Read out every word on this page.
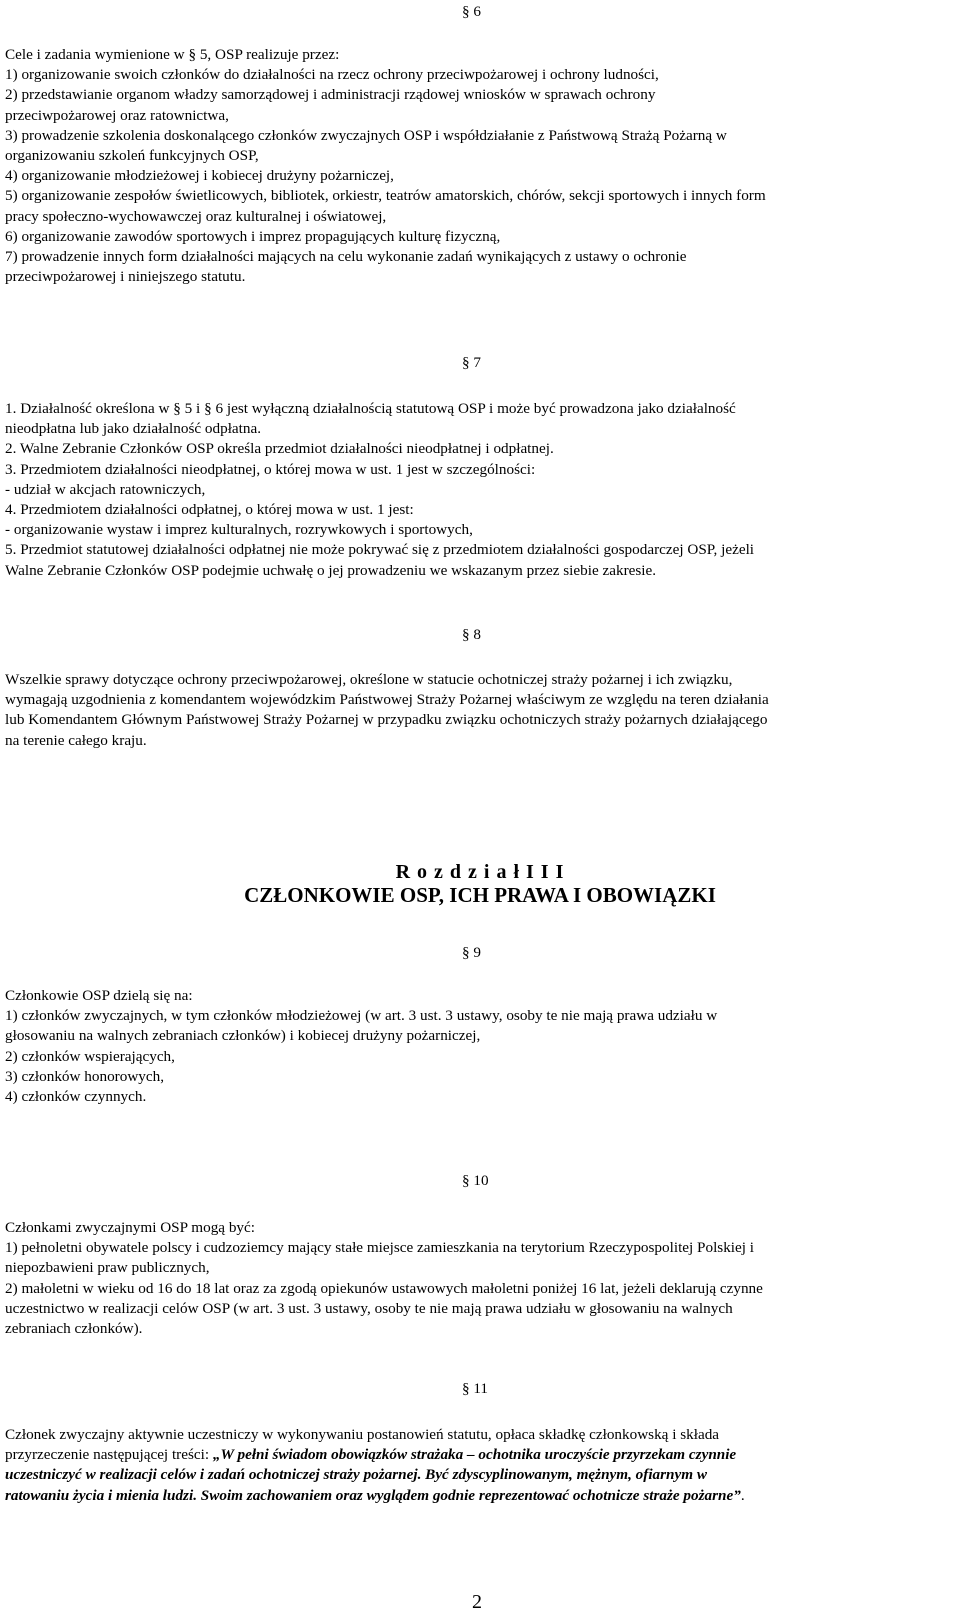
§ 6
Cele i zadania wymienione w § 5, OSP realizuje przez:
1) organizowanie swoich członków do działalności na rzecz ochrony przeciwpożarowej i ochrony ludności,
2) przedstawianie organom władzy samorządowej i administracji rządowej wniosków w sprawach ochrony
przeciwpożarowej oraz ratownictwa,
3) prowadzenie szkolenia doskonalącego członków zwyczajnych OSP i współdziałanie z Państwową Strażą Pożarną w
organizowaniu szkoleń funkcyjnych OSP,
4) organizowanie młodzieżowej i kobiecej drużyny pożarniczej,
5) organizowanie zespołów świetlicowych, bibliotek, orkiestr, teatrów amatorskich, chórów, sekcji sportowych i innych form
pracy społeczno-wychowawczej oraz kulturalnej i oświatowej,
6) organizowanie zawodów sportowych i imprez propagujących kulturę fizyczną,
7) prowadzenie innych form działalności mających na celu wykonanie zadań wynikających z ustawy o ochronie
przeciwpożarowej i niniejszego statutu.
§ 7
1. Działalność określona w § 5 i § 6 jest wyłączną działalnością statutową OSP i może być prowadzona jako działalność
nieodpłatna lub jako działalność odpłatna.
2. Walne Zebranie Członków OSP określa przedmiot działalności nieodpłatnej i odpłatnej.
3. Przedmiotem działalności nieodpłatnej, o której mowa w ust. 1 jest w szczególności:
- udział w akcjach ratowniczych,
4. Przedmiotem działalności odpłatnej, o której mowa w ust. 1 jest:
- organizowanie wystaw i imprez kulturalnych, rozrywkowych i sportowych,
5. Przedmiot statutowej działalności odpłatnej nie może pokrywać się z przedmiotem działalności gospodarczej OSP, jeżeli
Walne Zebranie Członków OSP podejmie uchwałę o jej prowadzeniu we wskazanym przez siebie zakresie.
§ 8
Wszelkie sprawy dotyczące ochrony przeciwpożarowej, określone w statucie ochotniczej straży pożarnej i ich związku,
wymagają uzgodnienia z komendantem wojewódzkim Państwowej Straży Pożarnej właściwym ze względu na teren działania
lub Komendantem Głównym Państwowej Straży Pożarnej w przypadku związku ochotniczych straży pożarnych działającego
na terenie całego kraju.
R o z d z i a ł I I I
CZŁONKOWIE OSP, ICH PRAWA I OBOWIĄZKI
§ 9
Członkowie OSP dzielą się na:
1) członków zwyczajnych, w tym członków młodzieżowej (w art. 3 ust. 3 ustawy, osoby te nie mają prawa udziału w
głosowaniu na walnych zebraniach członków) i kobiecej drużyny pożarniczej,
2) członków wspierających,
3) członków honorowych,
4) członków czynnych.
§ 10
Członkami zwyczajnymi OSP mogą być:
1) pełnoletni obywatele polscy i cudzoziemcy mający stałe miejsce zamieszkania na terytorium Rzeczypospolitej Polskiej i
niepozbawieni praw publicznych,
2) małoletni w wieku od 16 do 18 lat oraz za zgodą opiekunów ustawowych małoletni poniżej 16 lat, jeżeli deklarują czynne
uczestnictwo w realizacji celów OSP (w art. 3 ust. 3 ustawy, osoby te nie mają prawa udziału w głosowaniu na walnych
zebraniach członków).
§ 11
Członek zwyczajny aktywnie uczestniczy w wykonywaniu postanowień statutu, opłaca składkę członkowską i składa
przyrzeczenie następującej treści: „W pełni świadom obowiązków strażaka – ochotnika uroczyście przyrzekam czynnie
uczestniczyć w realizacji celów i zadań ochotniczej straży pożarnej. Być zdyscyplinowanym, mężnym, ofiarnym w
ratowaniu życia i mienia ludzi. Swoim zachowaniem oraz wyglądem godnie reprezentować ochotnicze straże pożarne”.
2
